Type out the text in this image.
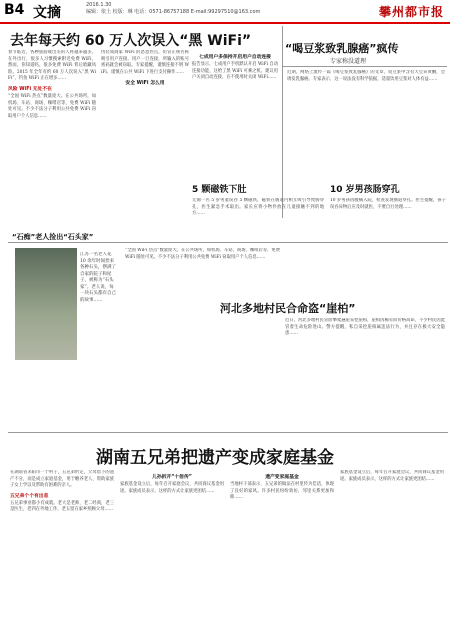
B4 文摘	2016.1.30
编辑：依土 校版：琳 电话：0571-86757188 E-mail:99297510@163.com	攀州都市报
去年每天约 60 万人次误入“黑 WiFi”	“喝豆浆致乳腺癌”疯传
专家称没道理
春节临近，各种旅游或出差的人将越来越多。在外出行，很多人习惯搜索附近免费 WiFi，然而，你知道吗，很多免费 WiFi 背后暗藏风险。2015 年全年有约 60 万人次误入“黑 WiFi”，钓鱼 WiFi 正在增多……
风险 WiFi 无处不在
“全国 WiFi 热点”数量庞大。在公共场所，如机场、车站、商场、咖啡店等，免费 WiFi 随处可见。不少不法分子利用公共免费 WiFi 窃取用户个人信息……
伪装成商家 WiFi 的恶意热点，仿冒正规名称吸引用户连接。用户一旦连接，所输入的账号密码就会被窃取。专家提醒，谨慎连接不明 WiFi，谨慎在公共 WiFi 下进行支付操作……
安全 WiFi 怎么用
七成用户多保持开启用户自动连接
报告显示，七成用户手机默认开启 WiFi 自动连接功能，这给了黑 WiFi 可乘之机。建议用户关闭自动连接，在不使用时关闭 WiFi……
近期，网络上流传一篇《喝豆浆致乳腺癌》的文章，说豆浆中含有大豆异黄酮，会诱发乳腺癌。专家表示，这一说法没有科学依据，适量饮用豆浆对人体有益……
5 颗磁铁下肚	10 岁男孩肠穿孔
无锡一名 5 岁男童误吞 5 颗磁铁，磁铁在肠道内相互吸引导致肠穿孔，医生紧急手术取出。家长应将小物件放在儿童接触不到的地方……
10 岁男孩因腹痛入院，检查发现肠道穿孔。医生提醒，孩子误吞异物后应及时就医，不要自行处理……
“石痴”老人捡出“石头家”
江苏一名老人花 10 余年时间捡来各种石头，摆满了自家的院子和屋子，被称为“石头家”。老人说，每一块石头都有自己的故事……
河北多地村民合命盗“崖柏”
近日，河北多地村民冒险攀爬悬崖采挖崖柏，崖柏因稀有而价格高昂，不少村民因此冒着生命危险进山。警方提醒，私自采挖崖柏属违法行为，并且存在极大安全隐患……
“全国 WiFi 热点”数量庞大。在公共场所，如机场、车站、商场、咖啡店等，免费 WiFi 随处可见。不少不法分子利用公共免费 WiFi 窃取用户个人信息……
湖南五兄弟把遗产变成家庭基金
在湖南省耒阳市一个村子，五兄弟约定，父母留下的遗产不分，而是成立家庭基金，用于赡养老人、资助家族子女上学以及帮助有困难的亲人。
五兄弟个个有出息
五兄弟事业都小有成就。老大是老师，老二经商，老三是医生，老四在外地工作，老五留在家乡照顾父母……
儿孙拆开“十倍传”
家族基金设立后，每年召开家庭会议，共同商议基金用途。家族成员表示，这样的方式让家族更团结……
遗产变家庭基金
当地村干部表示，五兄弟的做法在村里传为佳话，体现了良好的家风。许多村民纷纷效仿，邻里关系更加和睦……
家族基金设立后，每年召开家庭会议，共同商议基金用途。家族成员表示，这样的方式让家族更团结……
